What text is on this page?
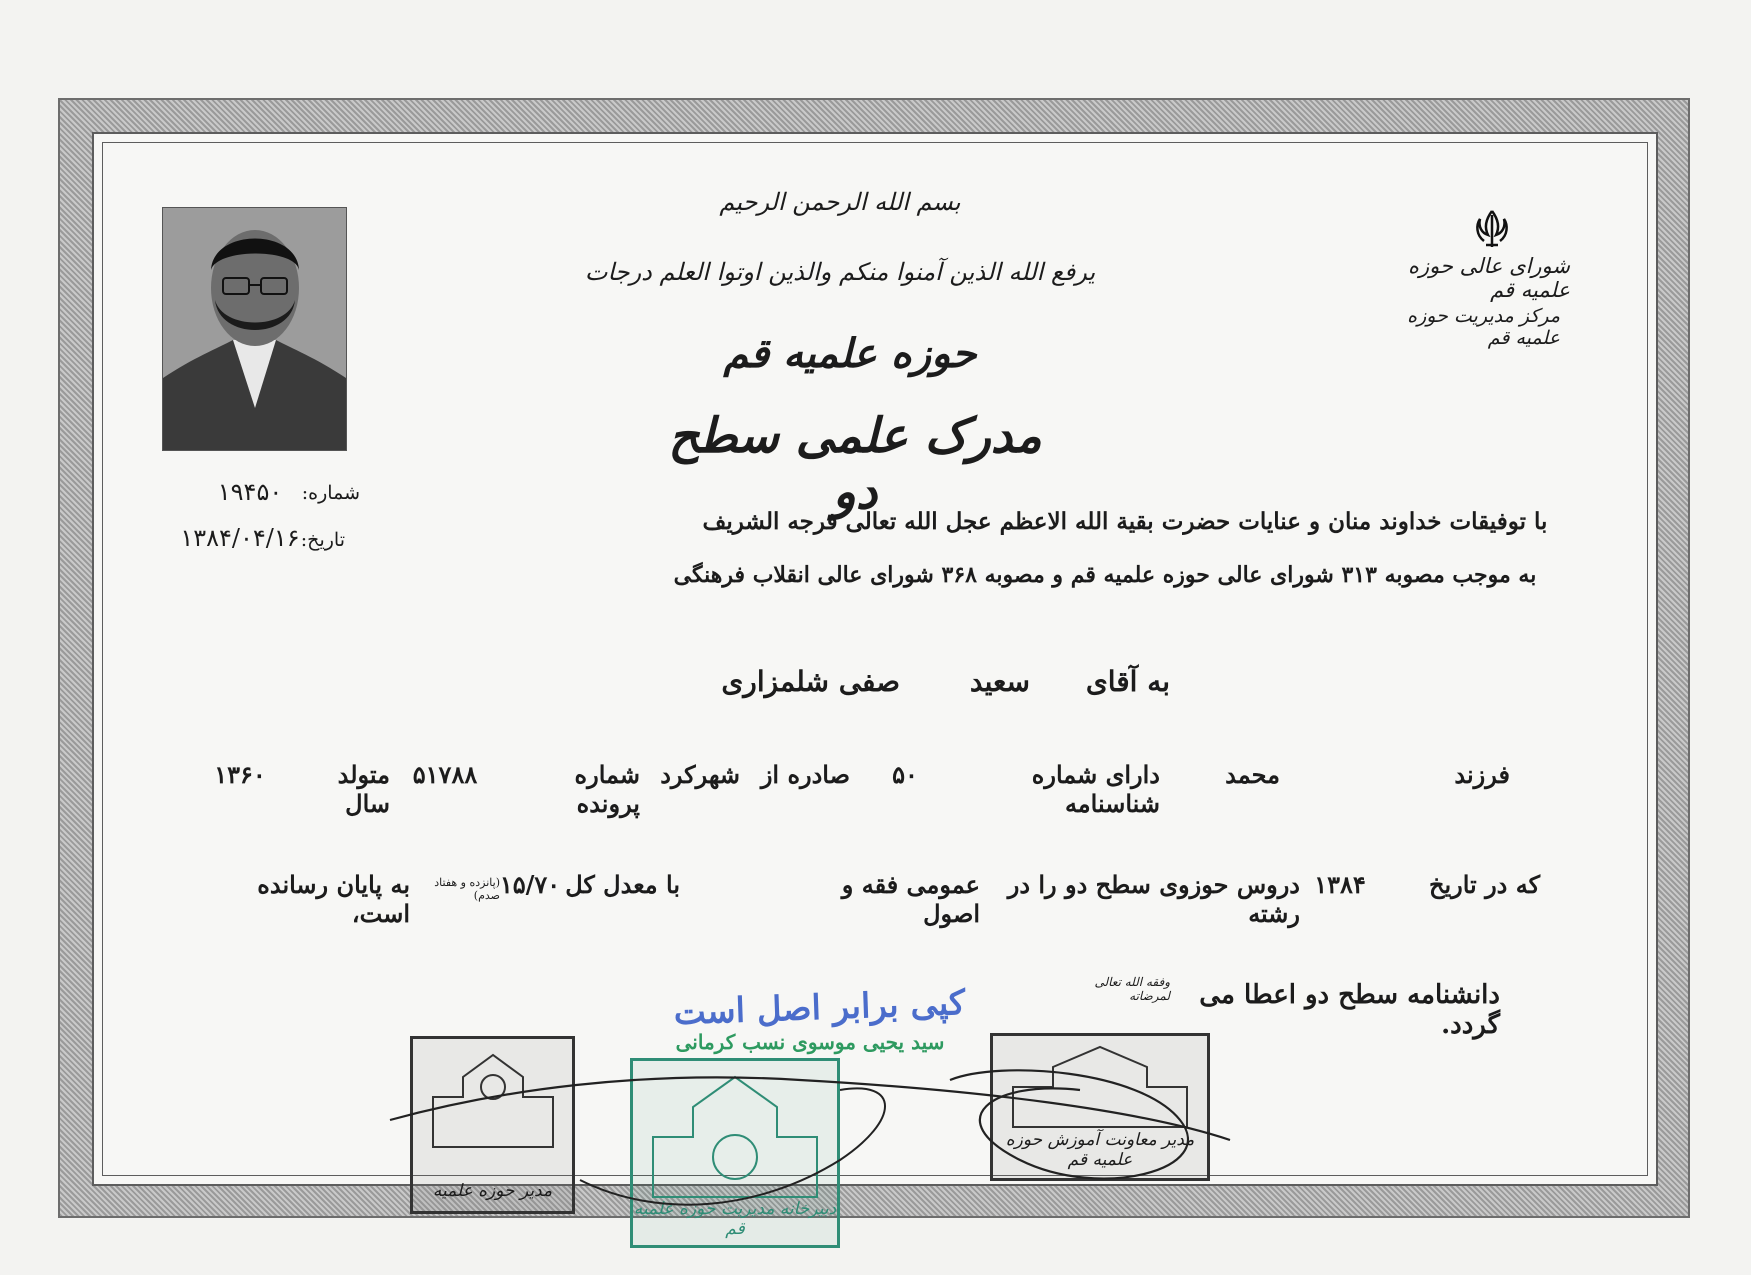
شورای عالی حوزه علمیه قم
مرکز مدیریت حوزه علمیه قم
بسم الله الرحمن الرحیم
یرفع الله الذین آمنوا منکم والذین اوتوا العلم درجات
حوزه علمیه قم
مدرک علمی سطح دو
شماره:
۱۹۴۵۰
تاریخ:
۱۳۸۴/۰۴/۱۶
با توفیقات خداوند منان و عنایات حضرت بقیة الله الاعظم عجل الله تعالی فرجه الشریف
به موجب مصوبه ۳۱۳ شورای عالی حوزه علمیه قم و مصوبه ۳۶۸ شورای عالی انقلاب فرهنگی
به آقای
سعید
صفی شلمزاری
فرزند
محمد
دارای شماره شناسنامه
۵۰
صادره از
شهرکرد
شماره پرونده
۵۱۷۸۸
متولد سال
۱۳۶۰
که در تاریخ
۱۳۸۴
دروس حوزوی سطح دو را در رشته
عمومی فقه و اصول
با معدل کل
۱۵/۷۰
(پانزده و هفتاد صدم)
به پایان رسانده است،
دانشنامه سطح دو اعطا می گردد.
وفقه الله تعالی لمرضاته
مدیر حوزه علمیه
دبیرخانه مدیریت حوزه علمیه قم
مدیر معاونت آموزش حوزه علمیه قم
کپی برابر اصل است
سید یحیی موسوی نسب کرمانی
